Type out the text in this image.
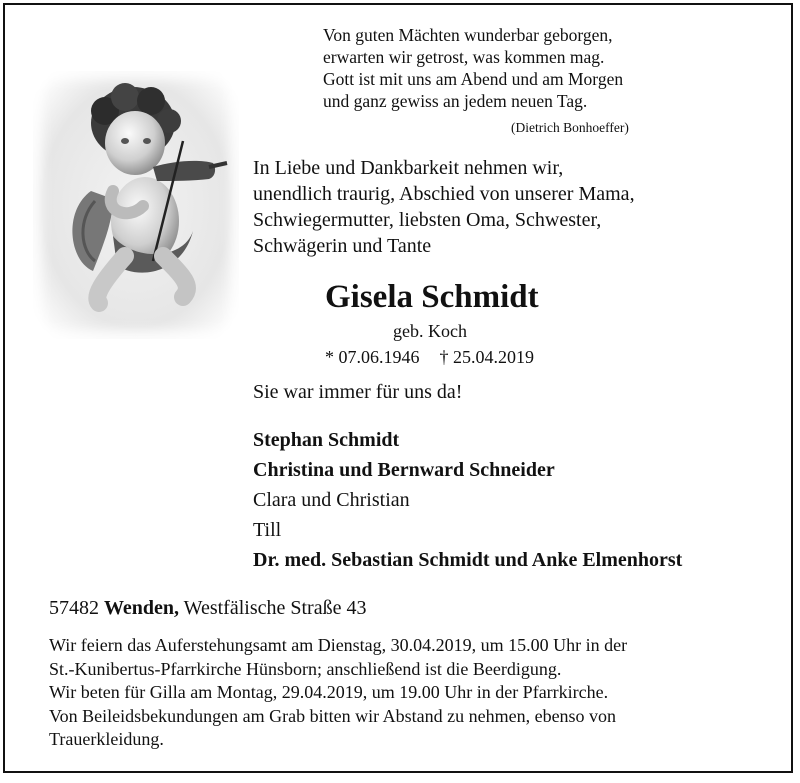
Von guten Mächten wunderbar geborgen,
erwarten wir getrost, was kommen mag.
Gott ist mit uns am Abend und am Morgen
und ganz gewiss an jedem neuen Tag.
(Dietrich Bonhoeffer)
In Liebe und Dankbarkeit nehmen wir,
unendlich traurig, Abschied von unserer Mama,
Schwiegermutter, liebsten Oma, Schwester,
Schwägerin und Tante
Gisela Schmidt
geb. Koch
* 07.06.1946 † 25.04.2019
Sie war immer für uns da!
Stephan Schmidt
Christina und Bernward Schneider
Clara und Christian
Till
Dr. med. Sebastian Schmidt und Anke Elmenhorst
57482 Wenden, Westfälische Straße 43
Wir feiern das Auferstehungsamt am Dienstag, 30.04.2019, um 15.00 Uhr in der
St.-Kunibertus-Pfarrkirche Hünsborn; anschließend ist die Beerdigung.
Wir beten für Gilla am Montag, 29.04.2019, um 19.00 Uhr in der Pfarrkirche.
Von Beileidsbekundungen am Grab bitten wir Abstand zu nehmen, ebenso von
Trauerkleidung.
